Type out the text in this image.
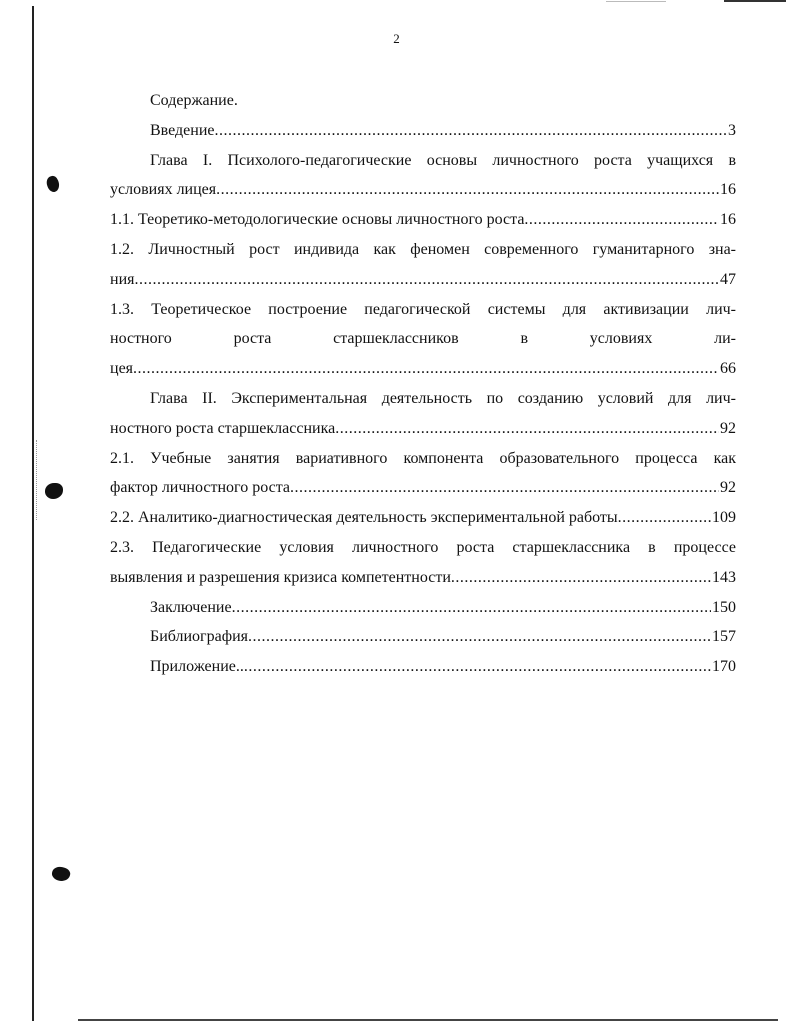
2
Содержание.
Введение .....	3
Глава I. Психолого-педагогические основы личностного роста учащихся в
условиях лицея .....	16
1.1. Теоретико-методологические основы личностного роста .....	16
1.2. Личностный рост индивида как феномен современного гуманитарного зна-
ния .....	47
1.3. Теоретическое построение педагогической системы для активизации лич-
ностного	роста	старшеклассников	в	условиях	ли-
цея .....	66
Глава II. Экспериментальная деятельность по созданию условий для лич-
ностного роста старшеклассника .....	92
2.1. Учебные занятия вариативного компонента образовательного процесса как
фактор личностного роста .....	92
2.2. Аналитико-диагностическая деятельность экспериментальной работы .....	109
2.3. Педагогические условия личностного роста старшеклассника в процессе
выявления и разрешения кризиса компетентности .....	143
Заключение .....	150
Библиография .....	157
Приложение.. .....	170
